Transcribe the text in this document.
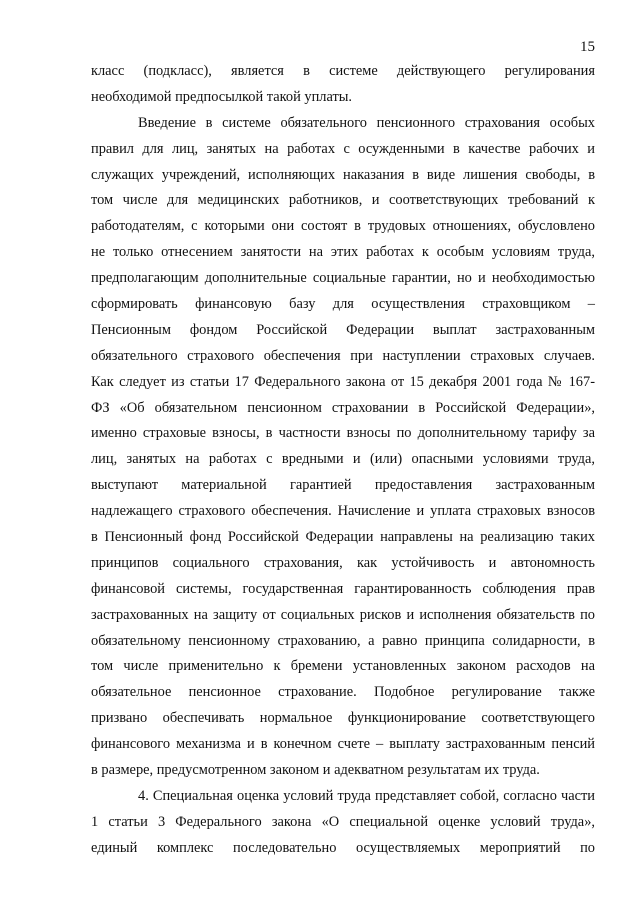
15
класс (подкласс), является в системе действующего регулирования
необходимой предпосылкой такой уплаты.
Введение в системе обязательного пенсионного страхования особых
правил для лиц, занятых на работах с осужденными в качестве рабочих и
служащих учреждений, исполняющих наказания в виде лишения свободы, в
том числе для медицинских работников, и соответствующих требований к
работодателям, с которыми они состоят в трудовых отношениях, обусловлено
не только отнесением занятости на этих работах к особым условиям труда,
предполагающим дополнительные социальные гарантии, но и необходимостью
сформировать финансовую базу для осуществления страховщиком –
Пенсионным фондом Российской Федерации выплат застрахованным
обязательного страхового обеспечения при наступлении страховых случаев.
Как следует из статьи 17 Федерального закона от 15 декабря 2001 года № 167-
ФЗ «Об обязательном пенсионном страховании в Российской Федерации»,
именно страховые взносы, в частности взносы по дополнительному тарифу за
лиц, занятых на работах с вредными и (или) опасными условиями труда,
выступают материальной гарантией предоставления застрахованным
надлежащего страхового обеспечения. Начисление и уплата страховых взносов
в Пенсионный фонд Российской Федерации направлены на реализацию таких
принципов социального страхования, как устойчивость и автономность
финансовой системы, государственная гарантированность соблюдения прав
застрахованных на защиту от социальных рисков и исполнения обязательств по
обязательному пенсионному страхованию, а равно принципа солидарности, в
том числе применительно к бремени установленных законом расходов на
обязательное пенсионное страхование. Подобное регулирование также
призвано обеспечивать нормальное функционирование соответствующего
финансового механизма и в конечном счете – выплату застрахованным пенсий
в размере, предусмотренном законом и адекватном результатам их труда.
4. Специальная оценка условий труда представляет собой, согласно части
1 статьи 3 Федерального закона «О специальной оценке условий труда»,
единый комплекс последовательно осуществляемых мероприятий по
